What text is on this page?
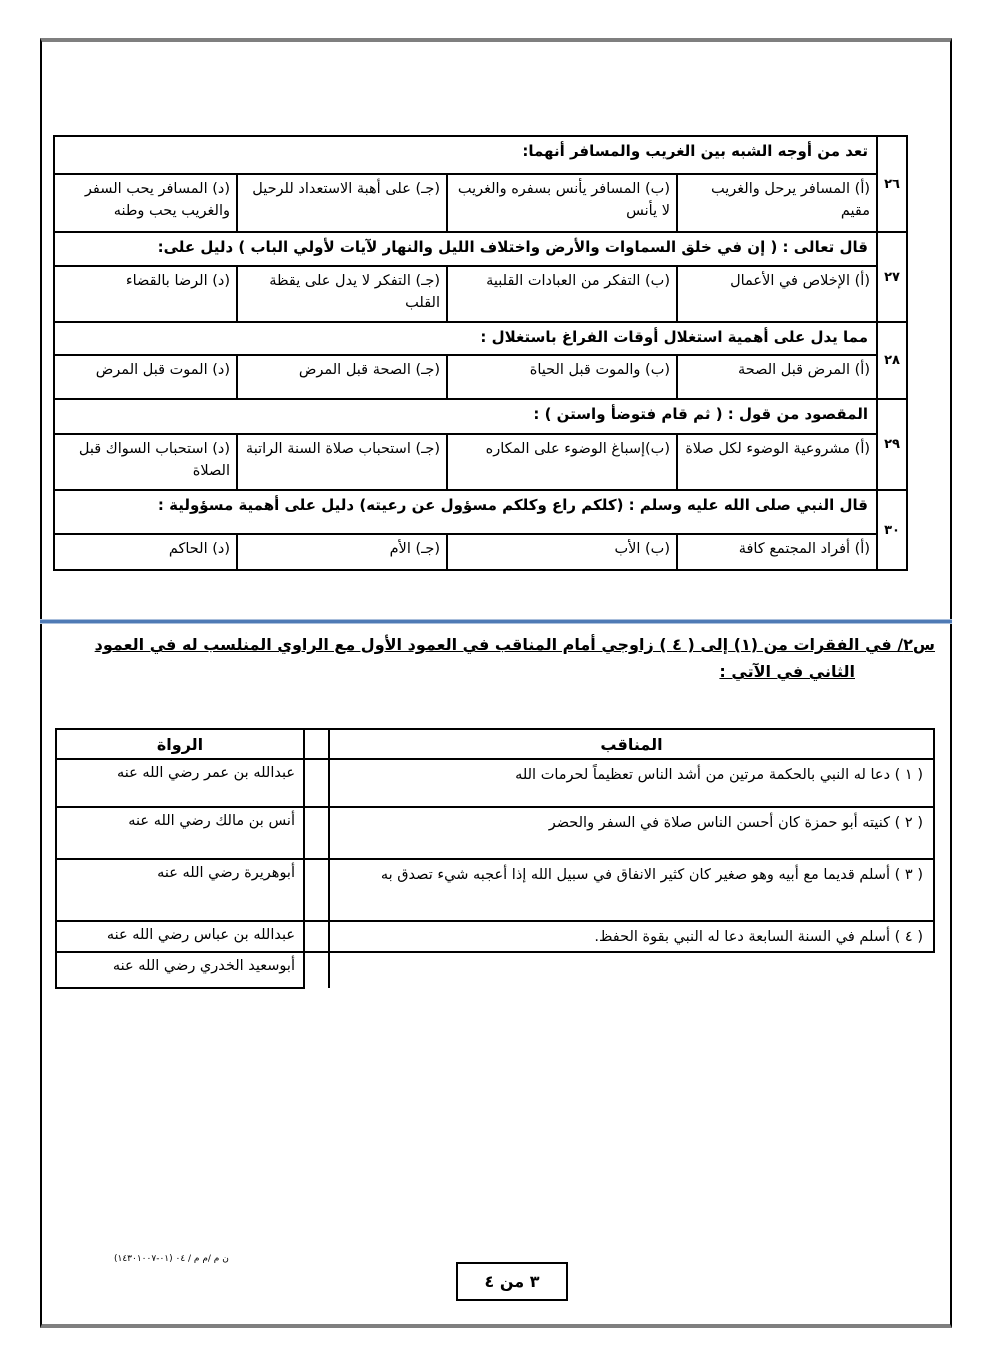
٢٦	تعد من أوجه الشبه بين الغريب والمسافر أنهما:			
	(أ) المسافر يرحل والغريب مقيم	(ب) المسافر يأنس بسفره والغريب لا يأنس	(جـ) على أهبة الاستعداد للرحيل	(د) المسافر يحب السفر والغريب يحب وطنه
٢٧	قال تعالى : ( إن في خلق السماوات والأرض واختلاف الليل والنهار لآيات لأولي الباب ) دليل على:			
	(أ) الإخلاص في الأعمال	(ب) التفكر من العبادات القلبية	(جـ) التفكر لا يدل على يقظة القلب	(د) الرضا بالقضاء
٢٨	مما يدل على أهمية استغلال أوقات الفراغ باستغلال :			
	(أ) المرض قبل الصحة	(ب) والموت قبل الحياة	(جـ) الصحة قبل المرض	(د) الموت قبل المرض
٢٩	المقصود من قول : ( ثم قام فتوضأ واستن ) :			
	(أ) مشروعية الوضوء لكل صلاة	(ب)إسباغ الوضوء على المكاره	(جـ) استحباب صلاة السنة الراتبة	(د) استحباب السواك قبل الصلاة
٣٠	قال النبي صلى الله عليه وسلم : (كلكم راع وكلكم مسؤول عن رعيته) دليل على أهمية مسؤولية :			
	(أ) أفراد المجتمع كافة	(ب) الأب	(جـ) الأم	(د) الحاكم
س٢/ في الفقرات من (١) إلى ( ٤ ) زاوجي أمام المناقب في العمود الأول مع الراوي المنلسب له في العمود
الثاني في الآتي :
المناقب		الرواة
( ١ ) دعا له النبي بالحكمة مرتين من أشد الناس تعظيماً لحرمات الله		عبدالله بن عمر رضي الله عنه
( ٢ ) كنيته أبو حمزة كان أحسن الناس صلاة في السفر والحضر		أنس بن مالك رضي الله عنه
( ٣ ) أسلم قديما مع أبيه وهو صغير كان كثير الانفاق في سبيل الله إذا أعجبه شيء تصدق به		أبوهريرة رضي الله عنه
( ٤ ) أسلم في السنة السابعة دعا له النبي بقوة الحفظ.		عبدالله بن عباس رضي الله عنه
		أبوسعيد الخدري رضي الله عنه
ن م /م م / ٠٤ (٠١-١٤٣٠١٠٠٧)
٣ من ٤
